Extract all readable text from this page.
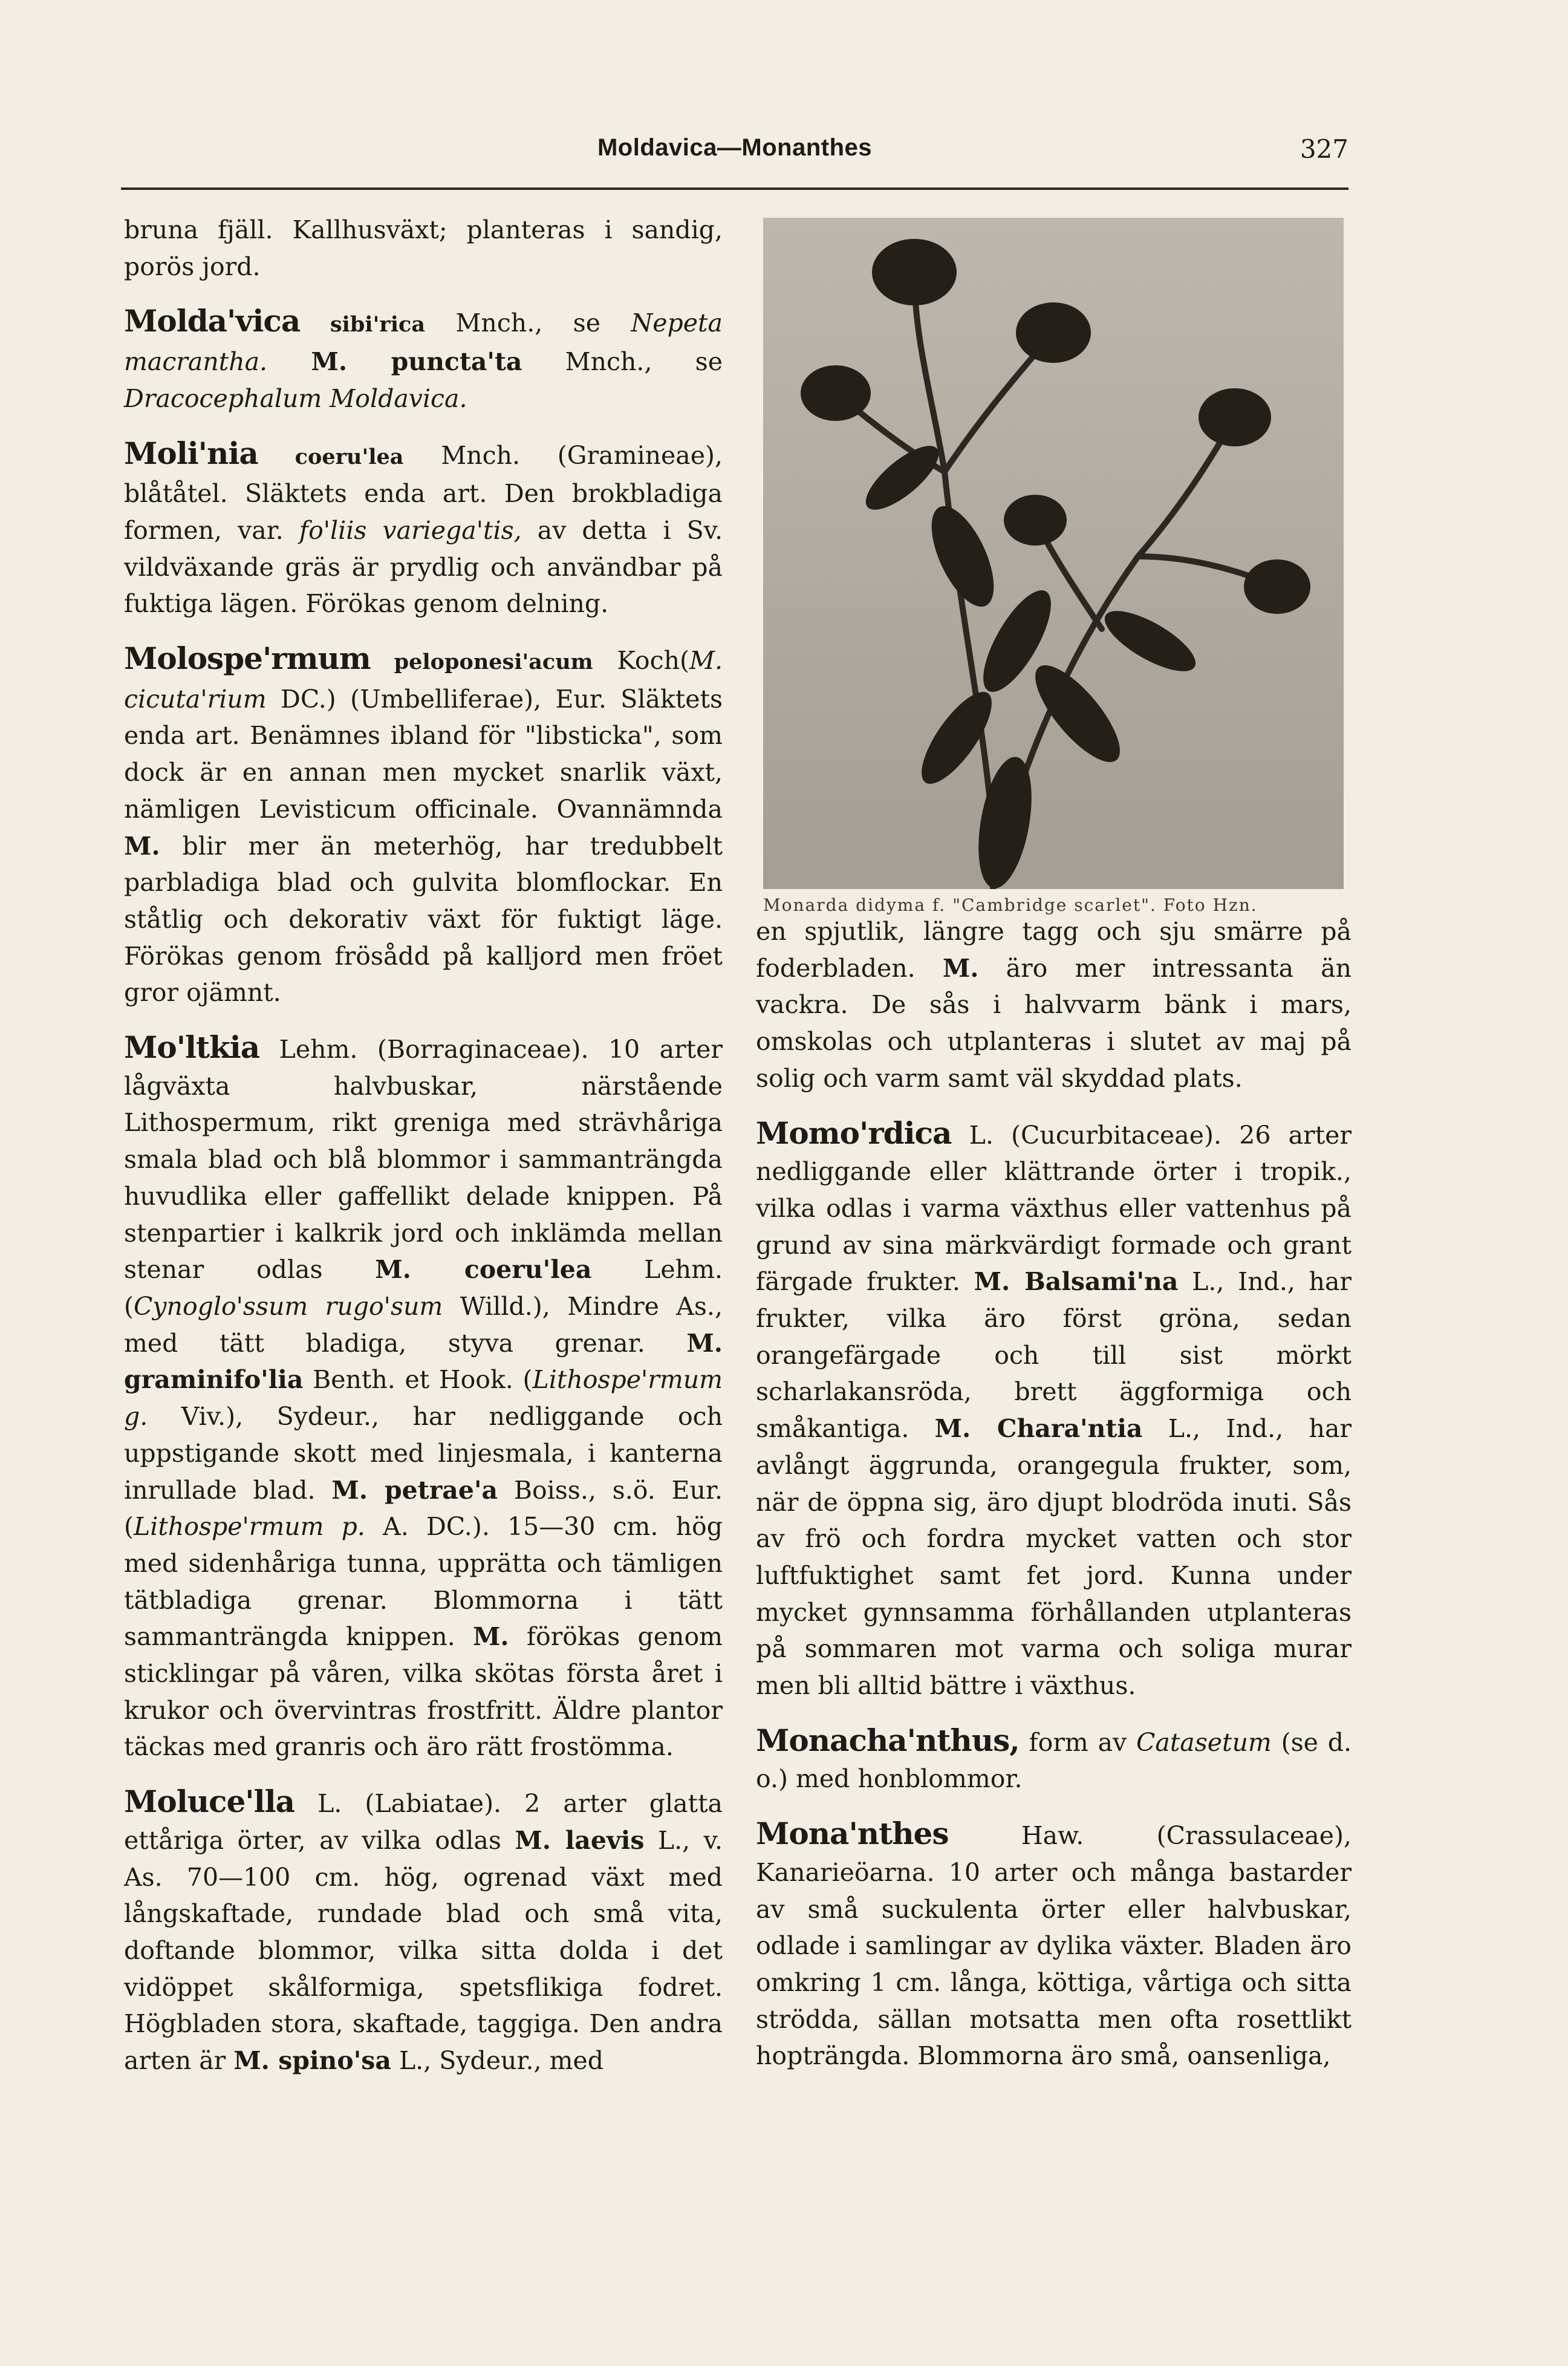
Moldavica—Monanthes	327

bruna fjäll. Kallhusväxt; planteras i sandig, porös jord.

Molda'vica sibi'rica Mnch., se Nepeta macrantha. M. puncta'ta Mnch., se Dracocephalum Moldavica.

Moli'nia coeru'lea Mnch. (Gramineae), blåtåtel. Släktets enda art. Den brokbladiga formen, var. fo'liis variega'tis, av detta i Sv. vildväxande gräs är prydlig och användbar på fuktiga lägen. Förökas genom delning.

Molospe'rmum peloponesi'acum Koch(M. cicuta'rium DC.) (Umbelliferae), Eur. Släktets enda art. Benämnes ibland för "libsticka", som dock är en annan men mycket snarlik växt, nämligen Levisticum officinale. Ovannämnda M. blir mer än meterhög, har tredubbelt parbladiga blad och gulvita blomflockar. En ståtlig och dekorativ växt för fuktigt läge. Förökas genom frösådd på kalljord men fröet gror ojämnt.

Mo'ltkia Lehm. (Borraginaceae). 10 arter lågväxta halvbuskar, närstående Lithospermum, rikt greniga med strävhåriga smala blad och blå blommor i sammanträngda huvudlika eller gaffellikt delade knippen. På stenpartier i kalkrik jord och inklämda mellan stenar odlas M. coeru'lea Lehm. (Cynoglo'ssum rugo'sum Willd.), Mindre As., med tätt bladiga, styva grenar. M. graminifo'lia Benth. et Hook. (Lithospe'rmum g. Viv.), Sydeur., har nedliggande och uppstigande skott med linjesmala, i kanterna inrullade blad. M. petrae'a Boiss., s.ö. Eur. (Lithospe'rmum p. A. DC.). 15—30 cm. hög med sidenhåriga tunna, upprätta och tämligen tätbladiga grenar. Blommorna i tätt sammanträngda knippen. M. förökas genom sticklingar på våren, vilka skötas första året i krukor och övervintras frostfritt. Äldre plantor täckas med granris och äro rätt frostömma.

Moluce'lla L. (Labiatae). 2 arter glatta ettåriga örter, av vilka odlas M. laevis L., v. As. 70—100 cm. hög, ogrenad växt med långskaftade, rundade blad och små vita, doftande blommor, vilka sitta dolda i det vidöppet skålformiga, spetsflikiga fodret. Högbladen stora, skaftade, taggiga. Den andra arten är M. spino'sa L., Sydeur., med

Monarda didyma f. "Cambridge scarlet". Foto Hzn.

en spjutlik, längre tagg och sju smärre på foderbladen. M. äro mer intressanta än vackra. De sås i halvvarm bänk i mars, omskolas och utplanteras i slutet av maj på solig och varm samt väl skyddad plats.

Momo'rdica L. (Cucurbitaceae). 26 arter nedliggande eller klättrande örter i tropik., vilka odlas i varma växthus eller vattenhus på grund av sina märkvärdigt formade och grant färgade frukter. M. Balsami'na L., Ind., har frukter, vilka äro först gröna, sedan orangefärgade och till sist mörkt scharlakansröda, brett äggformiga och småkantiga. M. Chara'ntia L., Ind., har avlångt äggrunda, orangegula frukter, som, när de öppna sig, äro djupt blodröda inuti. Sås av frö och fordra mycket vatten och stor luftfuktighet samt fet jord. Kunna under mycket gynnsamma förhållanden utplanteras på sommaren mot varma och soliga murar men bli alltid bättre i växthus.

Monacha'nthus, form av Catasetum (se d. o.) med honblommor.

Mona'nthes Haw. (Crassulaceae), Kanarieöarna. 10 arter och många bastarder av små suckulenta örter eller halvbuskar, odlade i samlingar av dylika växter. Bladen äro omkring 1 cm. långa, köttiga, vårtiga och sitta strödda, sällan motsatta men ofta rosettlikt hopträngda. Blommorna äro små, oansenliga,
